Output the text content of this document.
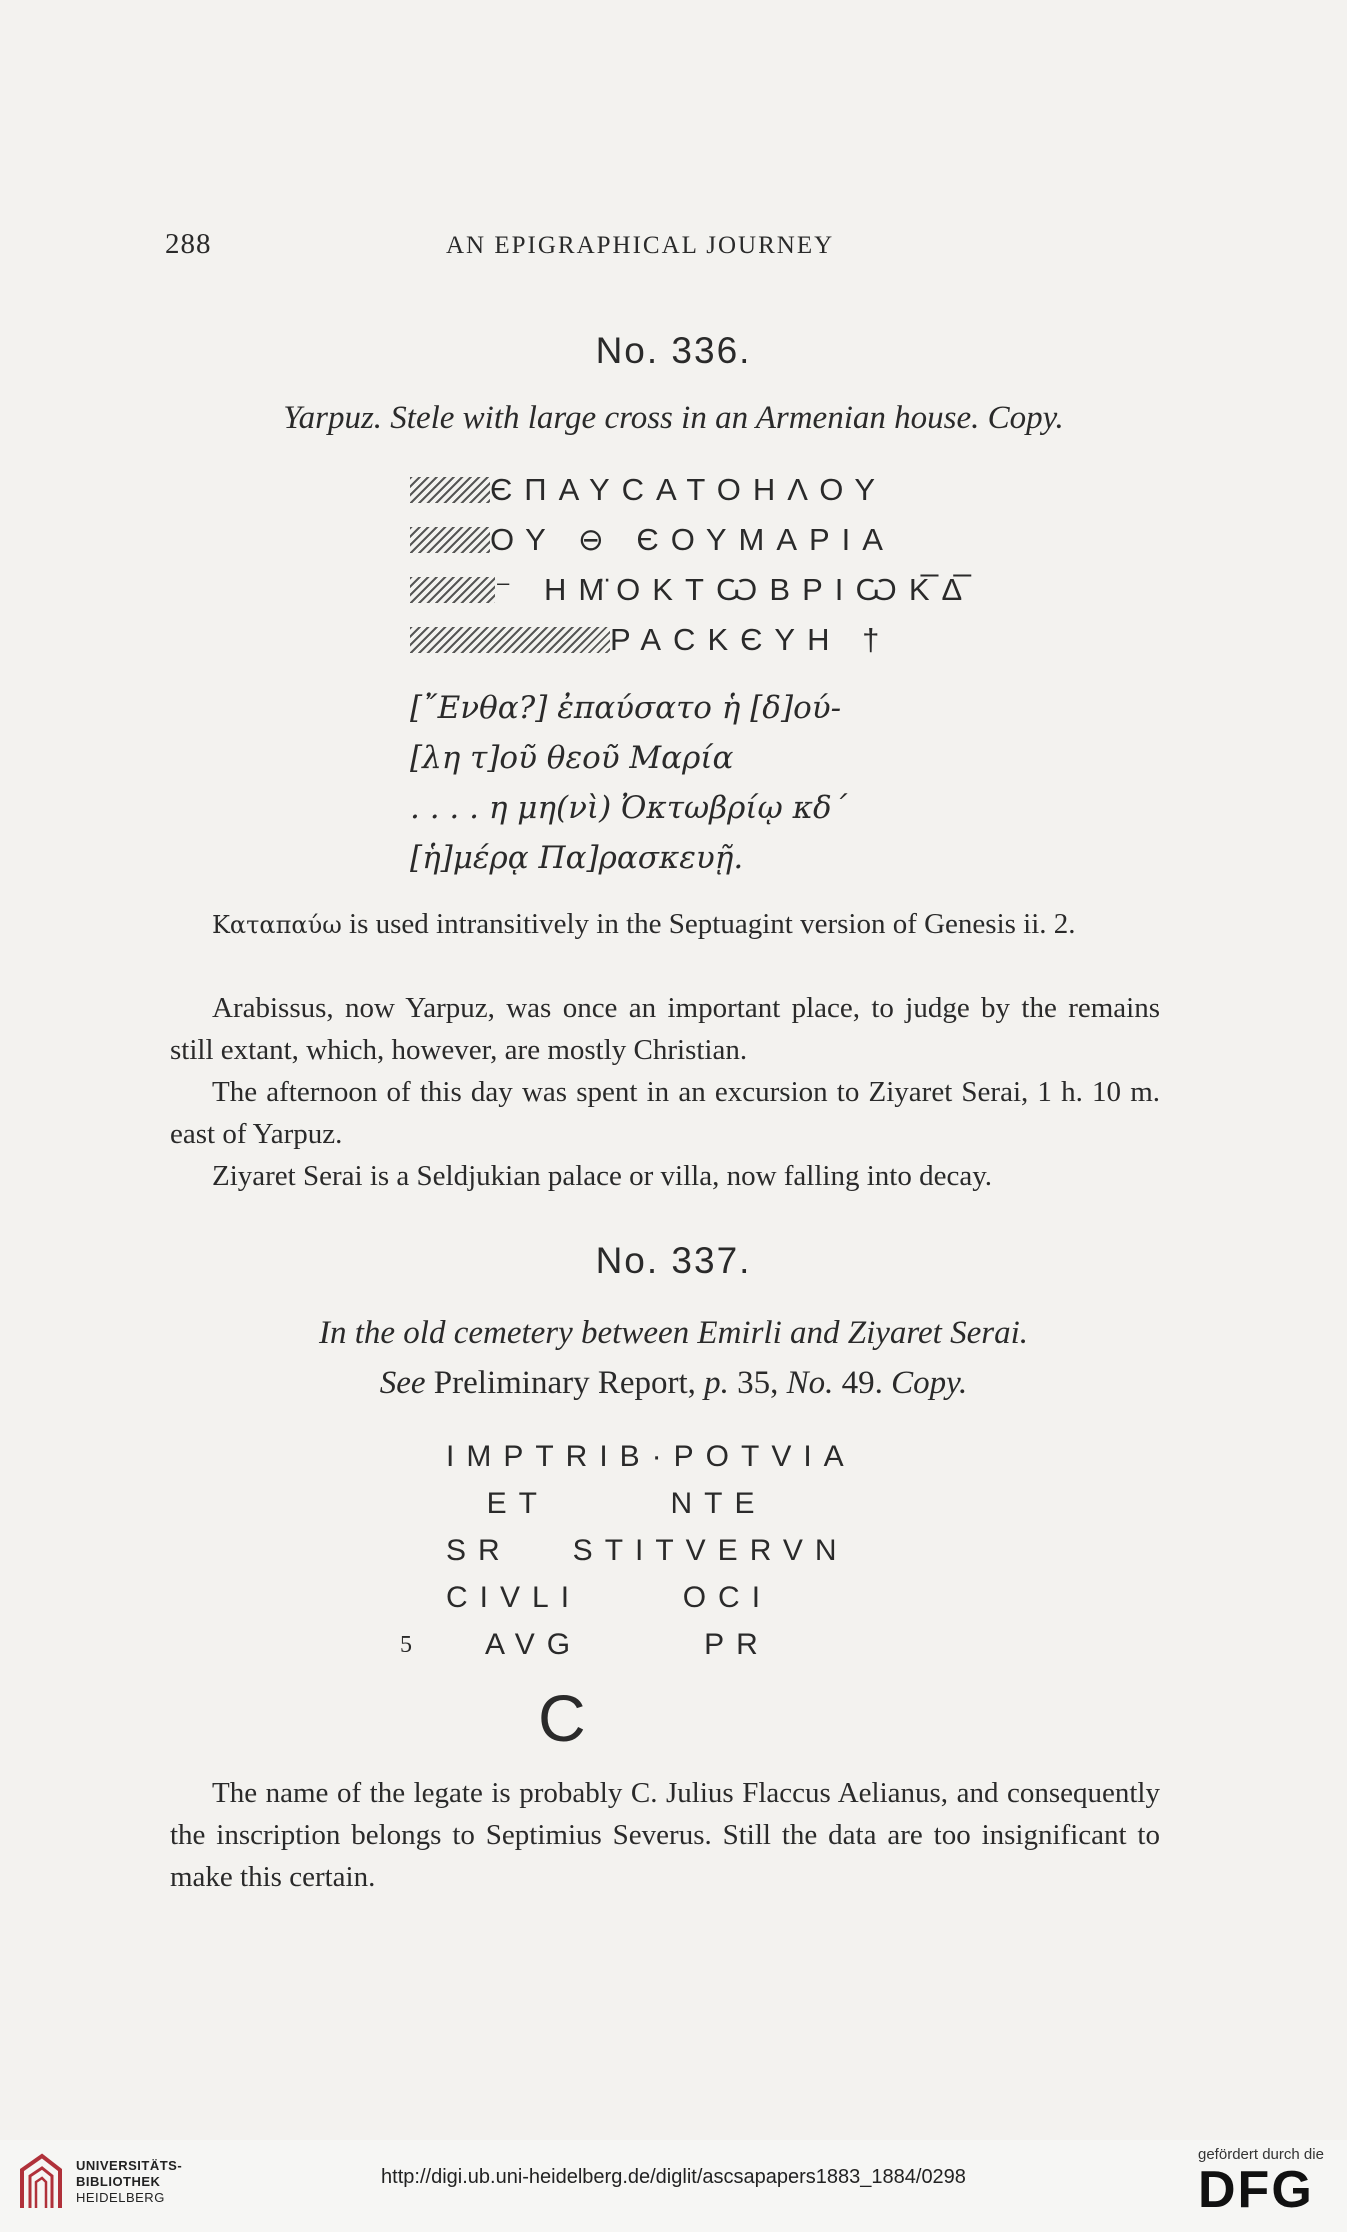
288	AN EPIGRAPHICAL JOURNEY
No. 336.
Yarpuz. Stele with large cross in an Armenian house. Copy.
ЄПΑΥCΑΤΟΗΛΟΥ
ΟΥ ⊖ ЄΟΥΜΑΡΙΑ
⁻ ΗΜ̈ΟΚΤѠΒΡΙѠΚ̅Δ̅
ΡΑCΚЄΥΗ †
[῎Ενθα?] ἐπαύσατο ἡ [δ]ού-
[λη τ]οῦ θεοῦ Μαρία
. . . . η μη(νὶ) Ὀκτωβρίῳ κδ΄
[ἡ]μέρᾳ Πα]ρασκευῇ.
Καταπαύω is used intransitively in the Septuagint version of Genesis ii. 2.
Arabissus, now Yarpuz, was once an important place, to judge by the remains still extant, which, however, are mostly Christian.
The afternoon of this day was spent in an excursion to Ziyaret Serai, 1 h. 10 m. east of Yarpuz.
Ziyaret Serai is a Seldjukian palace or villa, now falling into decay.
No. 337.
In the old cemetery between Emirli and Ziyaret Serai.
See Preliminary Report, p. 35, No. 49. Copy.
IMPTRIB·POTVIA
ET      NTE
SR   STITVERVN
CIVLI     OCI
5 AVG      PR
C
The name of the legate is probably C. Julius Flaccus Aelianus, and consequently the inscription belongs to Septimius Severus. Still the data are too insignificant to make this certain.
UNIVERSITÄTS-
BIBLIOTHEK
HEIDELBERG
http://digi.ub.uni-heidelberg.de/diglit/ascsapapers1883_1884/0298
gefördert durch die
DFG
